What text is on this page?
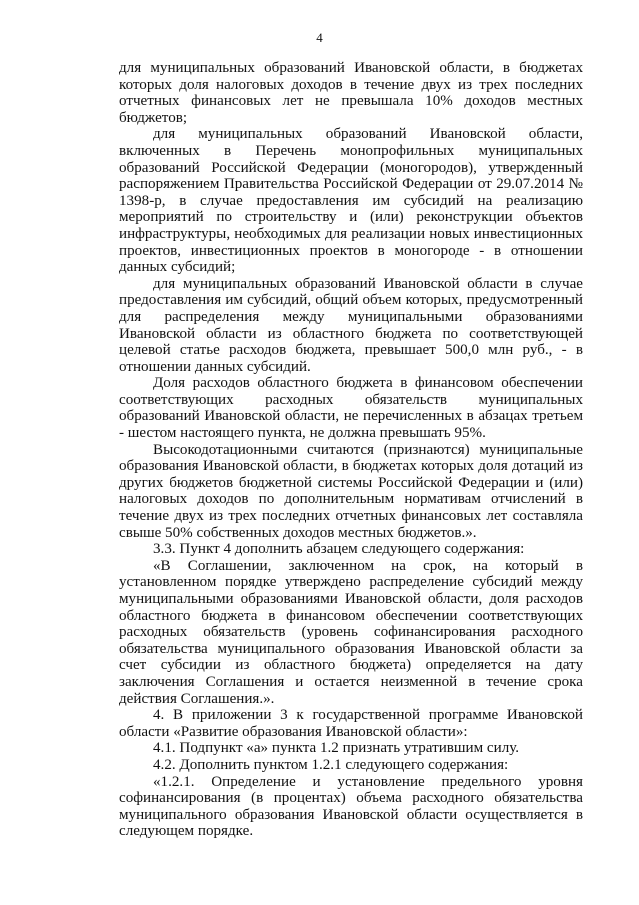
4

для муниципальных образований Ивановской области, в бюджетах которых доля налоговых доходов в течение двух из трех последних отчетных финансовых лет не превышала 10% доходов местных бюджетов;

для муниципальных образований Ивановской области, включенных в Перечень монопрофильных муниципальных образований Российской Федерации (моногородов), утвержденный распоряжением Правительства Российской Федерации от 29.07.2014 № 1398-р, в случае предоставления им субсидий на реализацию мероприятий по строительству и (или) реконструкции объектов инфраструктуры, необходимых для реализации новых инвестиционных проектов, инвестиционных проектов в моногороде - в отношении данных субсидий;

для муниципальных образований Ивановской области в случае предоставления им субсидий, общий объем которых, предусмотренный для распределения между муниципальными образованиями Ивановской области из областного бюджета по соответствующей целевой статье расходов бюджета, превышает 500,0 млн руб., - в отношении данных субсидий.

Доля расходов областного бюджета в финансовом обеспечении соответствующих расходных обязательств муниципальных образований Ивановской области, не перечисленных в абзацах третьем - шестом настоящего пункта, не должна превышать 95%.

Высокодотационными считаются (признаются) муниципальные образования Ивановской области, в бюджетах которых доля дотаций из других бюджетов бюджетной системы Российской Федерации и (или) налоговых доходов по дополнительным нормативам отчислений в течение двух из трех последних отчетных финансовых лет составляла свыше 50% собственных доходов местных бюджетов.».

3.3. Пункт 4 дополнить абзацем следующего содержания:

«В Соглашении, заключенном на срок, на который в установленном порядке утверждено распределение субсидий между муниципальными образованиями Ивановской области, доля расходов областного бюджета в финансовом обеспечении соответствующих расходных обязательств (уровень софинансирования расходного обязательства муниципального образования Ивановской области за счет субсидии из областного бюджета) определяется на дату заключения Соглашения и остается неизменной в течение срока действия Соглашения.».

4. В приложении 3 к государственной программе Ивановской области «Развитие образования Ивановской области»:

4.1. Подпункт «а» пункта 1.2 признать утратившим силу.

4.2. Дополнить пунктом 1.2.1 следующего содержания:

«1.2.1. Определение и установление предельного уровня софинансирования (в процентах) объема расходного обязательства муниципального образования Ивановской области осуществляется в следующем порядке.
